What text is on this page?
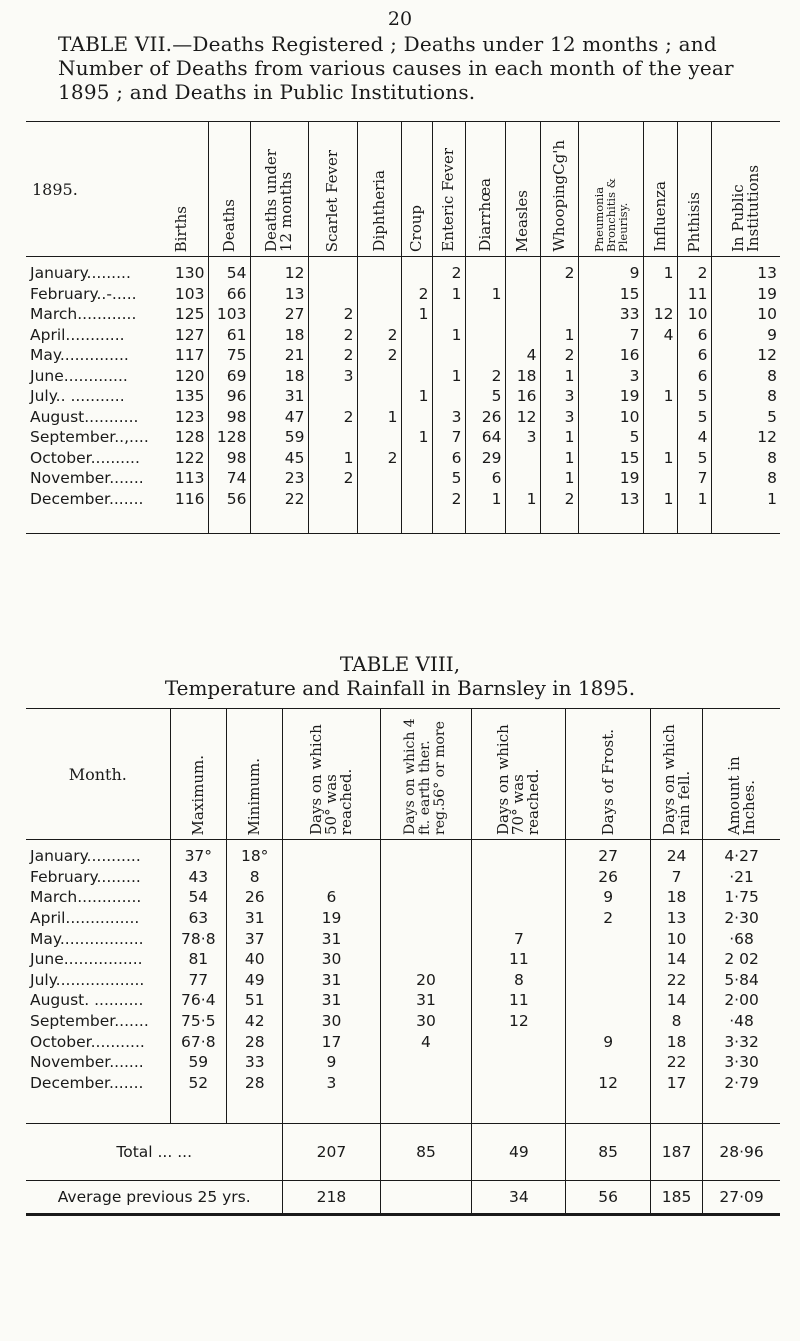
20
TABLE VII.—Deaths Registered ; Deaths under 12 months ; and Number of Deaths from various causes in each month of the year 1895 ; and Deaths in Public Institutions.
1895.	Births	Deaths	Deaths under 12 months	Scarlet Fever	Diphtheria	Croup	Enteric Fever	Diarrhœa	Measles	WhoopingCg'h	Pneumonia Bronchitis & Pleurisy.	Influenza	Phthisis	In Public Institutions
January.........	130	54	12				2			2	9	1	2	13
February..-.....	103	66	13			2	1	1			15		11	19
March............	125	103	27	2		1					33	12	10	10
April............	127	61	18	2	2		1			1	7	4	6	9
May..............	117	75	21	2	2				4	2	16		6	12
June.............	120	69	18	3			1	2	18	1	3		6	8
July.. ...........	135	96	31			1		5	16	3	19	1	5	8
August...........	123	98	47	2	1		3	26	12	3	10		5	5
September..,....	128	128	59			1	7	64	3	1	5		4	12
October..........	122	98	45	1	2		6	29		1	15	1	5	8
November.......	113	74	23	2			5	6		1	19		7	8
December.......	116	56	22				2	1	1	2	13	1	1	1

TABLE VIII,
Temperature and Rainfall in Barnsley in 1895.
Month.	Maximum.	Minimum.	Days on which 50° was reached.	Days on which 4 ft. earth ther. reg.56° or more	Days on which 70° was reached.	Days of Frost.	Days on which rain fell.	Amount in Inches.
January...........	37°	18°				27	24	4·27
February.........	43	8				26	7	·21
March.............	54	26	6			9	18	1·75
April...............	63	31	19			2	13	2·30
May.................	78·8	37	31		7		10	·68
June................	81	40	30		11		14	2 02
July..................	77	49	31	20	8		22	5·84
August. ..........	76·4	51	31	31	11		14	2·00
September.......	75·5	42	30	30	12		8	·48
October...........	67·8	28	17	4		9	18	3·32
November.......	59	33	9				22	3·30
December.......	52	28	3			12	17	2·79

Total ... ...			207	85	49	85	187	28·96
Average previous 25 yrs.			218		34	56	185	27·09
